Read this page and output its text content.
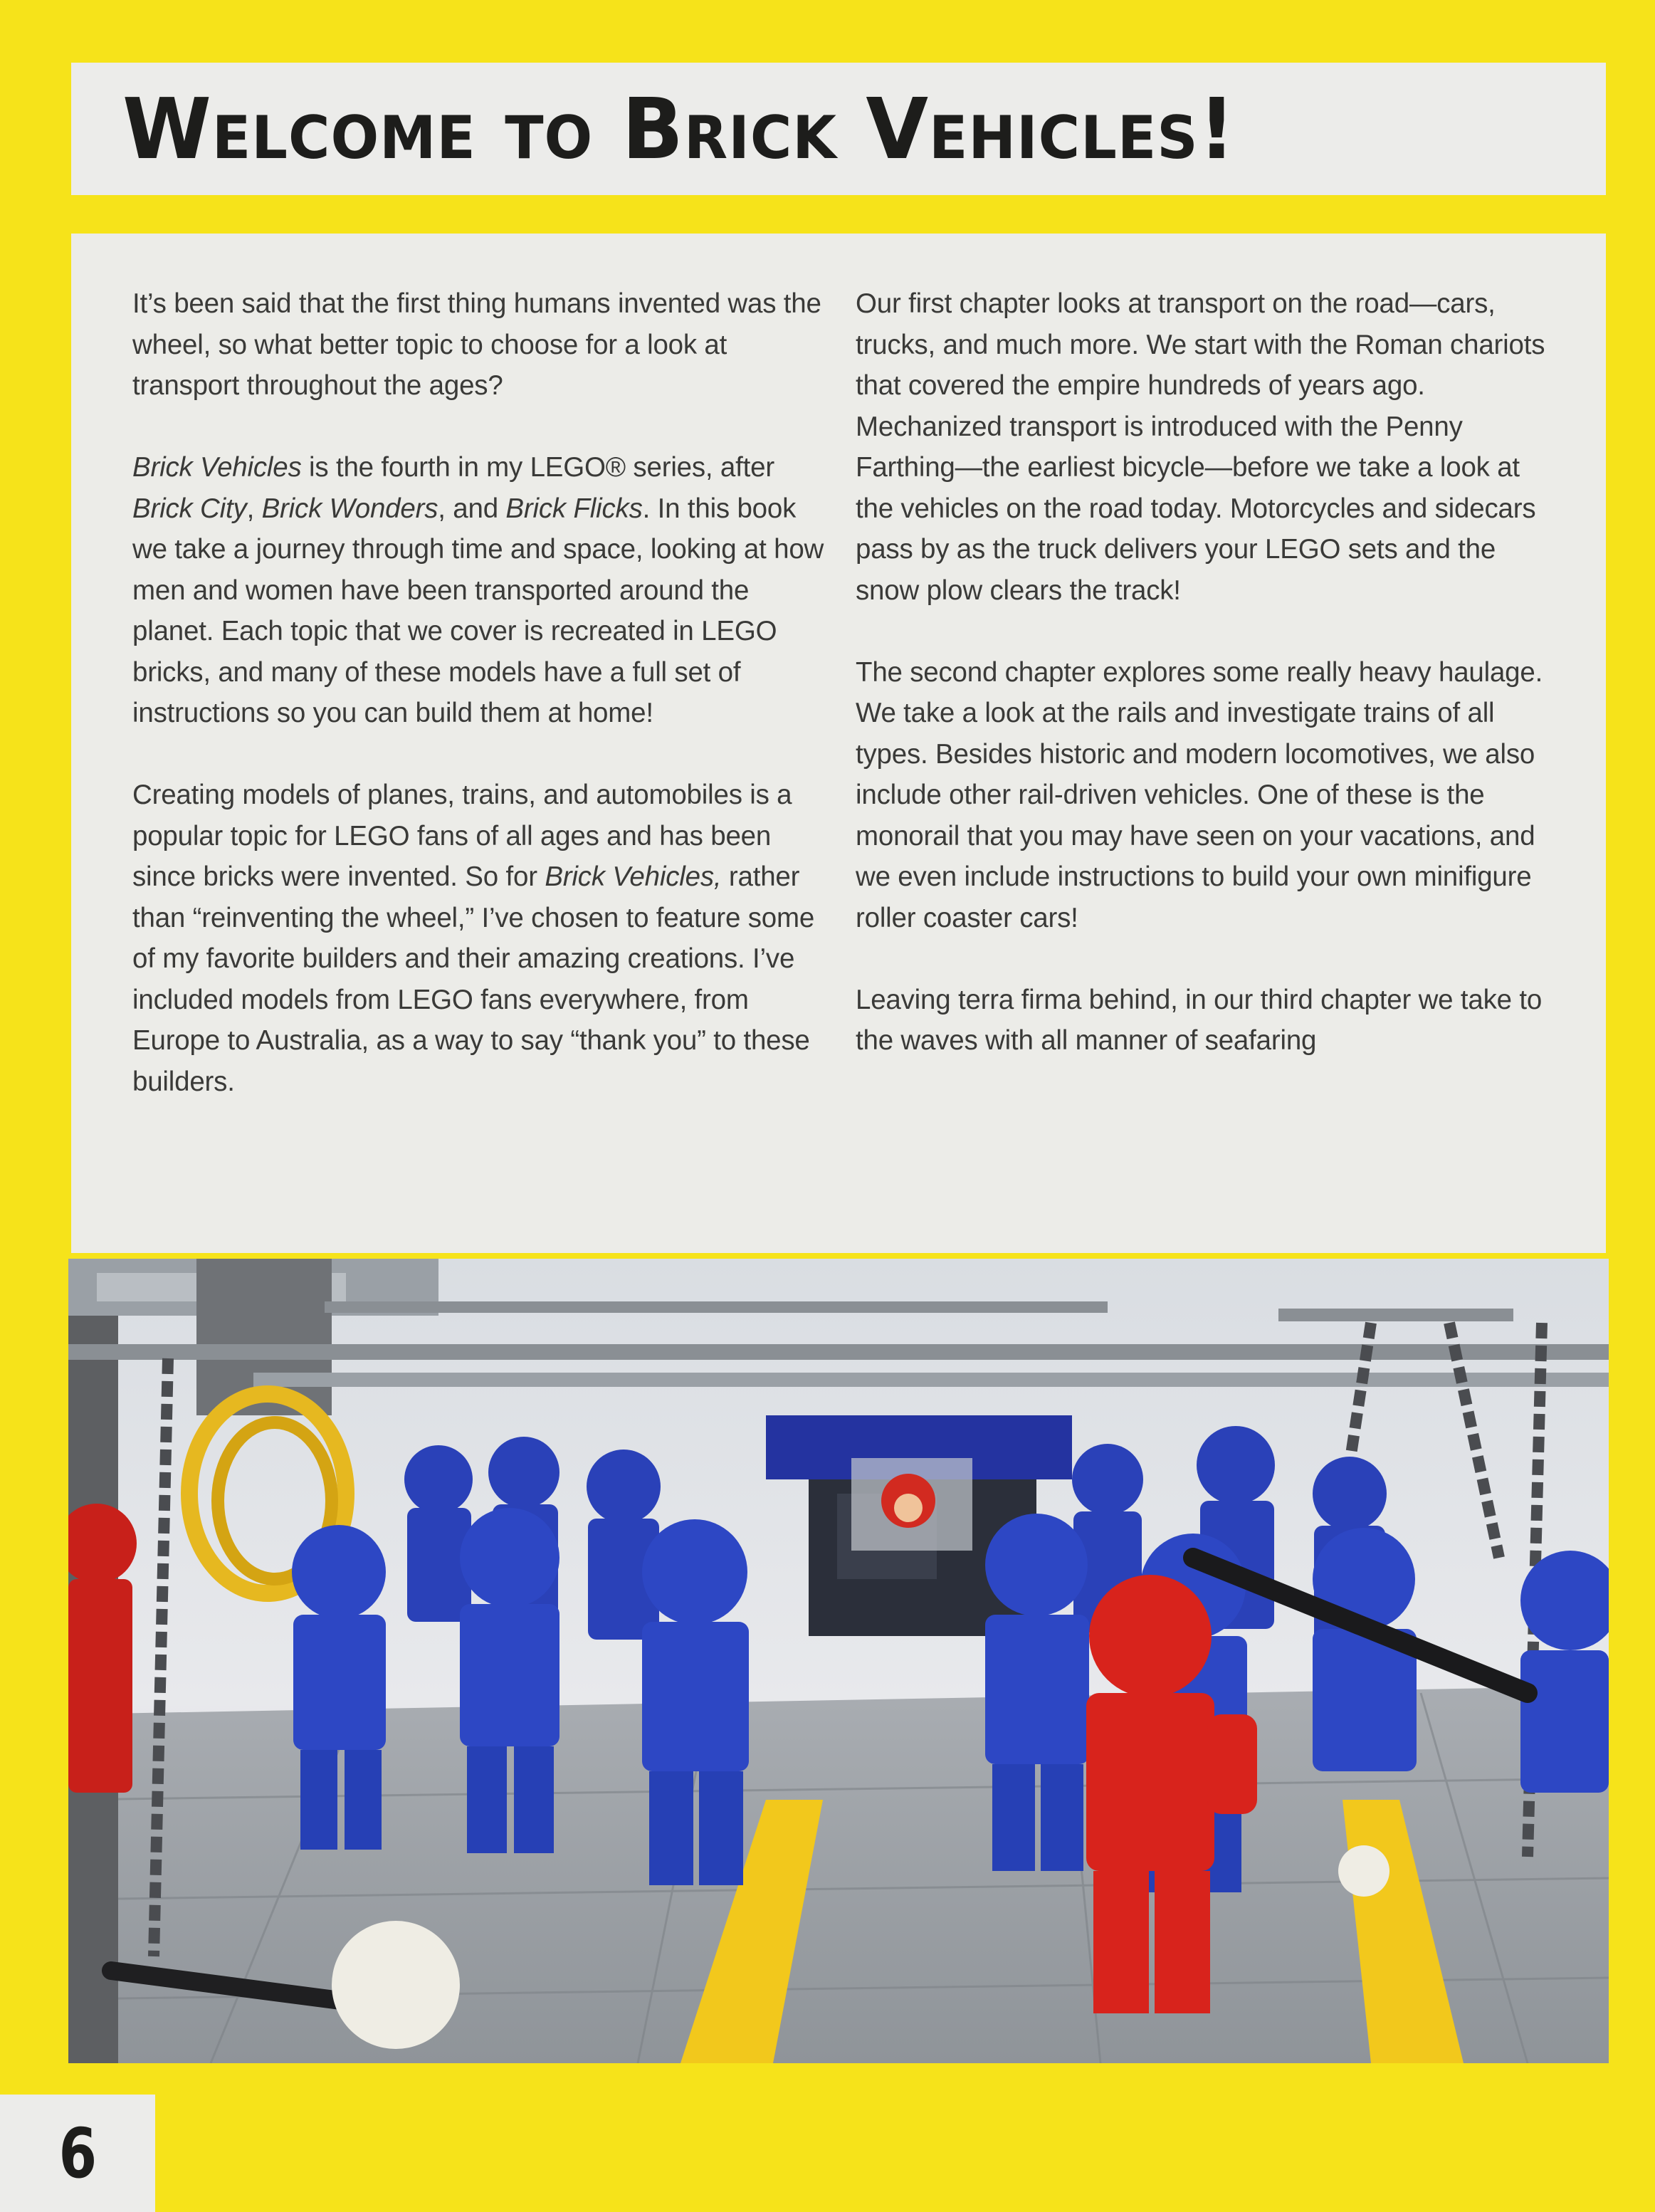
Welcome to Brick Vehicles!

It’s been said that the first thing humans invented was the wheel, so what better topic to choose for a look at transport throughout the ages?

Brick Vehicles is the fourth in my LEGO® series, after Brick City, Brick Wonders, and Brick Flicks. In this book we take a journey through time and space, looking at how men and women have been transported around the planet. Each topic that we cover is recreated in LEGO bricks, and many of these models have a full set of instructions so you can build them at home!

Creating models of planes, trains, and automobiles is a popular topic for LEGO fans of all ages and has been since bricks were invented. So for Brick Vehicles, rather than “reinventing the wheel,” I’ve chosen to feature some of my favorite builders and their amazing creations. I’ve included models from LEGO fans everywhere, from Europe to Australia, as a way to say “thank you” to these builders.

Our first chapter looks at transport on the road—cars, trucks, and much more. We start with the Roman chariots that covered the empire hundreds of years ago. Mechanized transport is introduced with the Penny Farthing—the earliest bicycle—before we take a look at the vehicles on the road today. Motorcycles and sidecars pass by as the truck delivers your LEGO sets and the snow plow clears the track!

The second chapter explores some really heavy haulage. We take a look at the rails and investigate trains of all types. Besides historic and modern locomotives, we also include other rail-driven vehicles. One of these is the monorail that you may have seen on your vacations, and we even include instructions to build your own minifigure roller coaster cars!

Leaving terra firma behind, in our third chapter we take to the waves with all manner of seafaring

6
